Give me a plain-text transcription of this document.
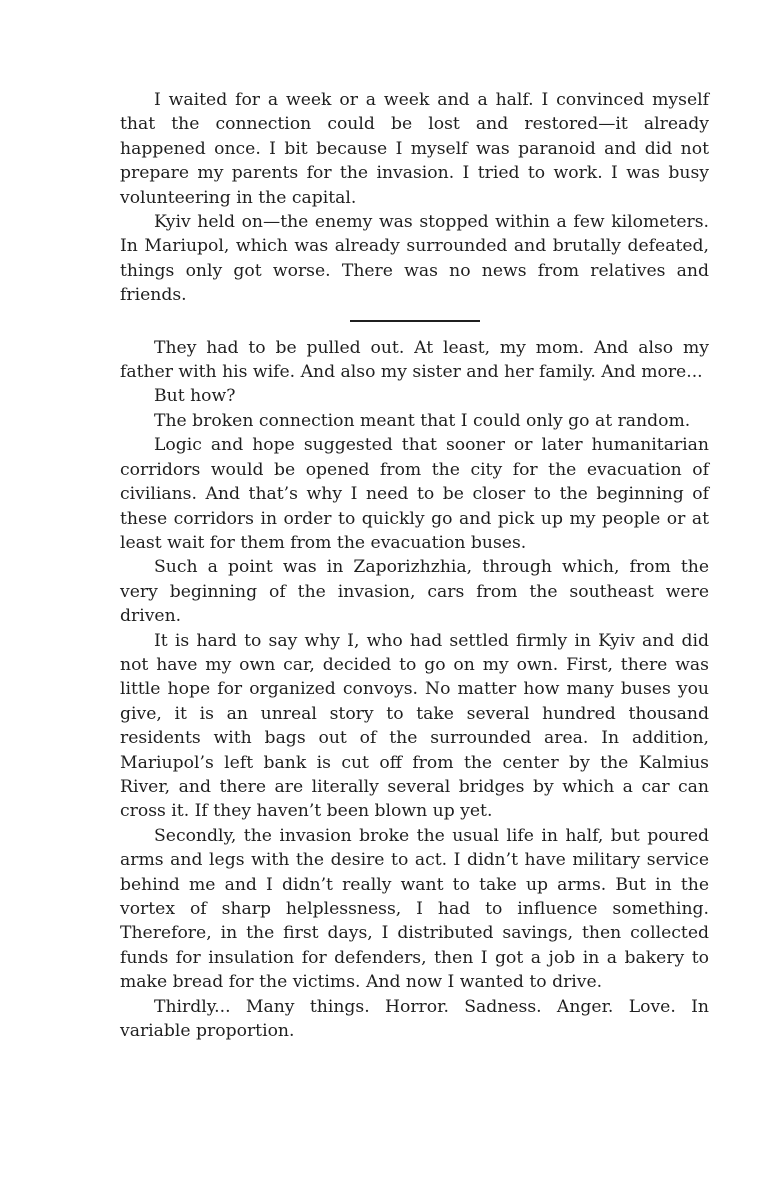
I waited for a week or a week and a half. I convinced myself that the connection could be lost and restored—it already happened once. I bit because I myself was paranoid and did not prepare my parents for the invasion. I tried to work. I was busy volunteering in the capital.

Kyiv held on—the enemy was stopped within a few kilometers. In Mariupol, which was already surrounded and brutally defeated, things only got worse. There was no news from relatives and friends.

They had to be pulled out. At least, my mom. And also my father with his wife. And also my sister and her family. And more...

But how?

The broken connection meant that I could only go at random.

Logic and hope suggested that sooner or later humanitarian corridors would be opened from the city for the evacuation of civilians. And that’s why I need to be closer to the beginning of these corridors in order to quickly go and pick up my people or at least wait for them from the evacuation buses.

Such a point was in Zaporizhzhia, through which, from the very beginning of the invasion, cars from the southeast were driven.

It is hard to say why I, who had settled firmly in Kyiv and did not have my own car, decided to go on my own. First, there was little hope for organized convoys. No matter how many buses you give, it is an unreal story to take several hundred thousand residents with bags out of the surrounded area. In addition, Mariupol’s left bank is cut off from the center by the Kalmius River, and there are literally several bridges by which a car can cross it. If they haven’t been blown up yet.

Secondly, the invasion broke the usual life in half, but poured arms and legs with the desire to act. I didn’t have military service behind me and I didn’t really want to take up arms. But in the vortex of sharp helplessness, I had to influence something. Therefore, in the first days, I distributed savings, then collected funds for insulation for defenders, then I got a job in a bakery to make bread for the victims. And now I wanted to drive.

Thirdly... Many things. Horror. Sadness. Anger. Love. In variable proportion.
